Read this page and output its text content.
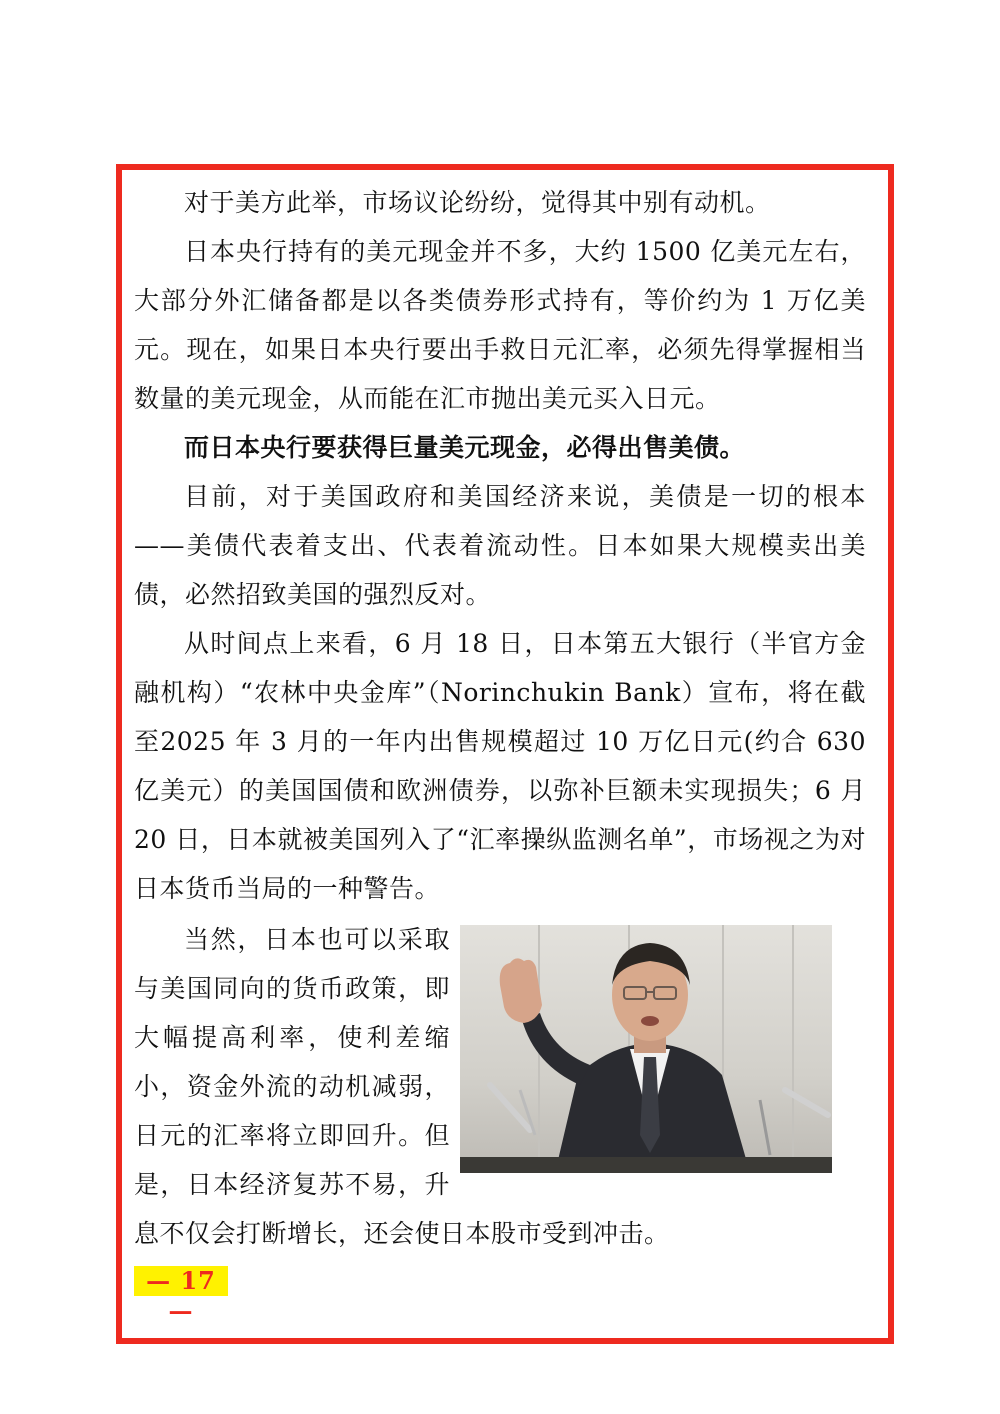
对于美方此举，市场议论纷纷，觉得其中别有动机。

日本央行持有的美元现金并不多，大约 1500 亿美元左右，大部分外汇储备都是以各类债券形式持有，等价约为 1 万亿美元。现在，如果日本央行要出手救日元汇率，必须先得掌握相当数量的美元现金，从而能在汇市抛出美元买入日元。

而日本央行要获得巨量美元现金，必得出售美债。

目前，对于美国政府和美国经济来说，美债是一切的根本——美债代表着支出、代表着流动性。日本如果大规模卖出美债，必然招致美国的强烈反对。

从时间点上来看，6 月 18 日，日本第五大银行（半官方金融机构）“农林中央金库”（Norinchukin Bank）宣布，将在截至2025 年 3 月的一年内出售规模超过 10 万亿日元(约合 630 亿美元）的美国国债和欧洲债券，以弥补巨额未实现损失；6 月 20 日，日本就被美国列入了“汇率操纵监测名单”，市场视之为对日本货币当局的一种警告。

当然，日本也可以采取与美国同向的货币政策，即大幅提高利率，使利差缩小，资金外流的动机减弱，日元的汇率将立即回升。但是，日本经济复苏不易，升息不仅会打断增长，还会使日本股市受到冲击。

— 17 —
